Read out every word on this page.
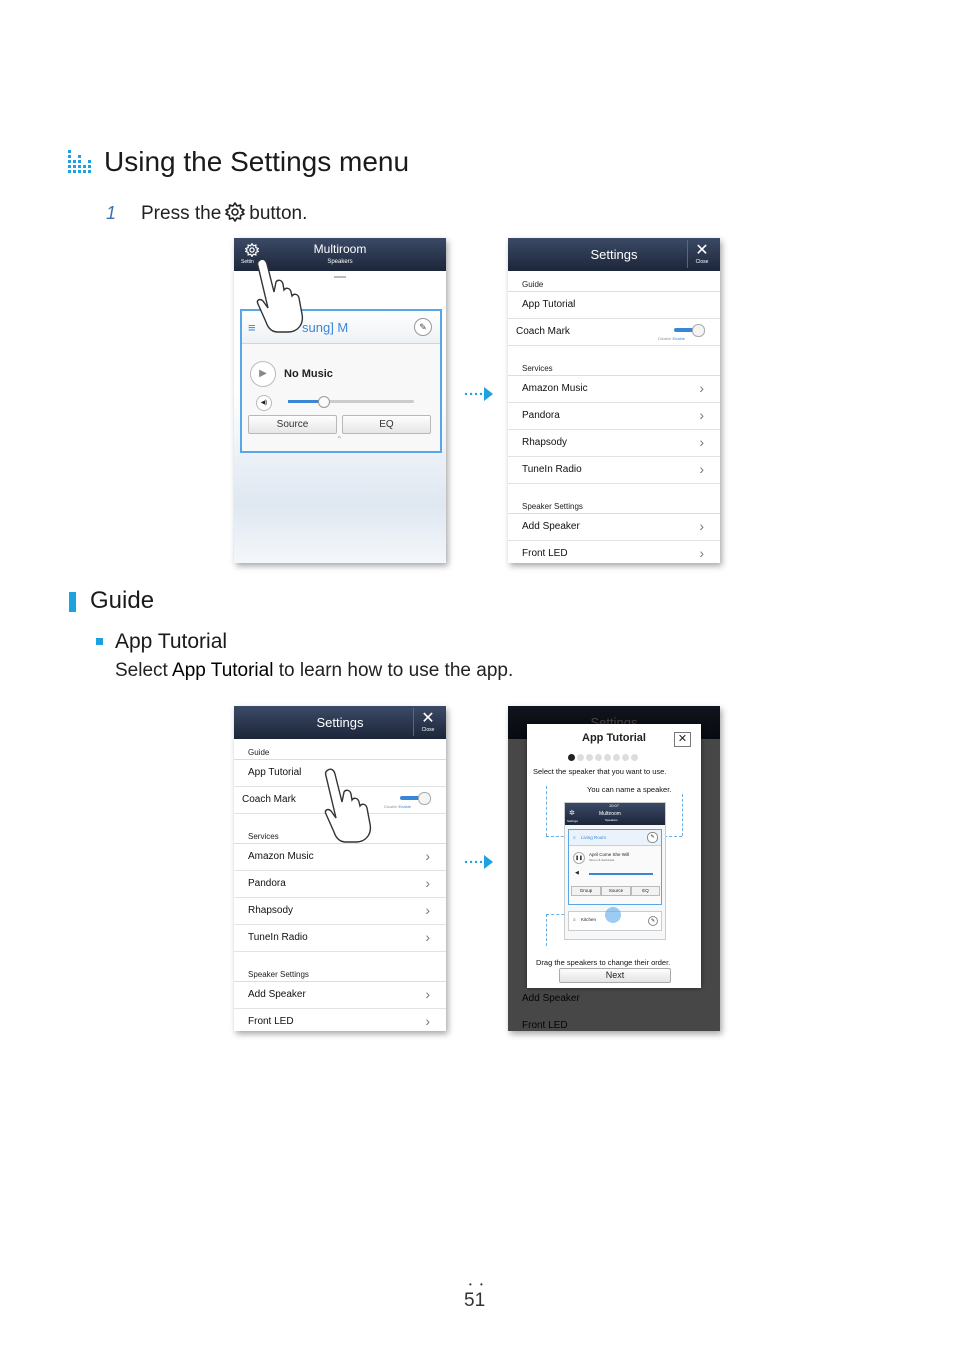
Using the Settings menu
1 Press the button.
Settin
Multiroom
Speakers
≡	sung] M	✎
▶	No Music
◀)
Source	EQ
⌃
Settings	✕
Close
Guide
App Tutorial
Coach Mark
Disable Enable
Services
Amazon Music	›
Pandora	›
Rhapsody	›
TuneIn Radio	›
Speaker Settings
Add Speaker	›
Front LED	›
Guide
App Tutorial
Select App Tutorial to learn how to use the app.
Settings	✕
Close
Guide
App Tutorial
Coach Mark
Disable Enable
Services
Amazon Music	›
Pandora	›
Rhapsody	›
TuneIn Radio	›
Speaker Settings
Add Speaker	›
Front LED	›
App Tutorial	✕
Select the speaker that you want to use.
You can name a speaker.
10:07
✲
Settings
Multiroom
Speakers
≡ Living Room	✎
❚❚
April Come She Will
Simon & Garfunkel
◀
Group	Source	EQ
≡ Kitchen	✎
Drag the speakers to change their order.
Next
• •
51
